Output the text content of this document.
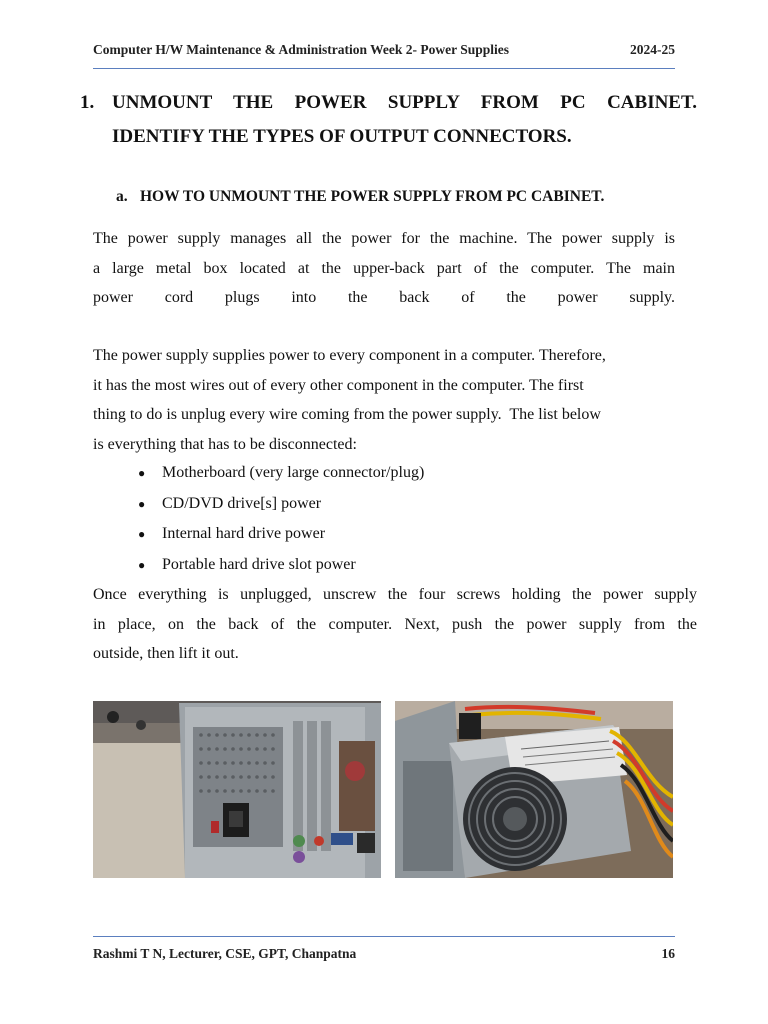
Computer H/W Maintenance & Administration Week 2- Power Supplies	2024-25
1. UNMOUNT THE POWER SUPPLY FROM PC CABINET.
IDENTIFY THE TYPES OF OUTPUT CONNECTORS.
a. HOW TO UNMOUNT THE POWER SUPPLY FROM PC CABINET.
The power supply manages all the power for the machine. The power supply is
a large metal box located at the upper-back part of the computer. The main
power cord plugs into the back of the power supply.
The power supply supplies power to every component in a computer. Therefore,
it has the most wires out of every other component in the computer. The first
thing to do is unplug every wire coming from the power supply.  The list below
is everything that has to be disconnected:
● Motherboard (very large connector/plug)
● CD/DVD drive[s] power
● Internal hard drive power
● Portable hard drive slot power
Once everything is unplugged, unscrew the four screws holding the power supply
in place, on the back of the computer. Next, push the power supply from the
outside, then lift it out.
Rashmi T N, Lecturer, CSE, GPT, Chanpatna	16
